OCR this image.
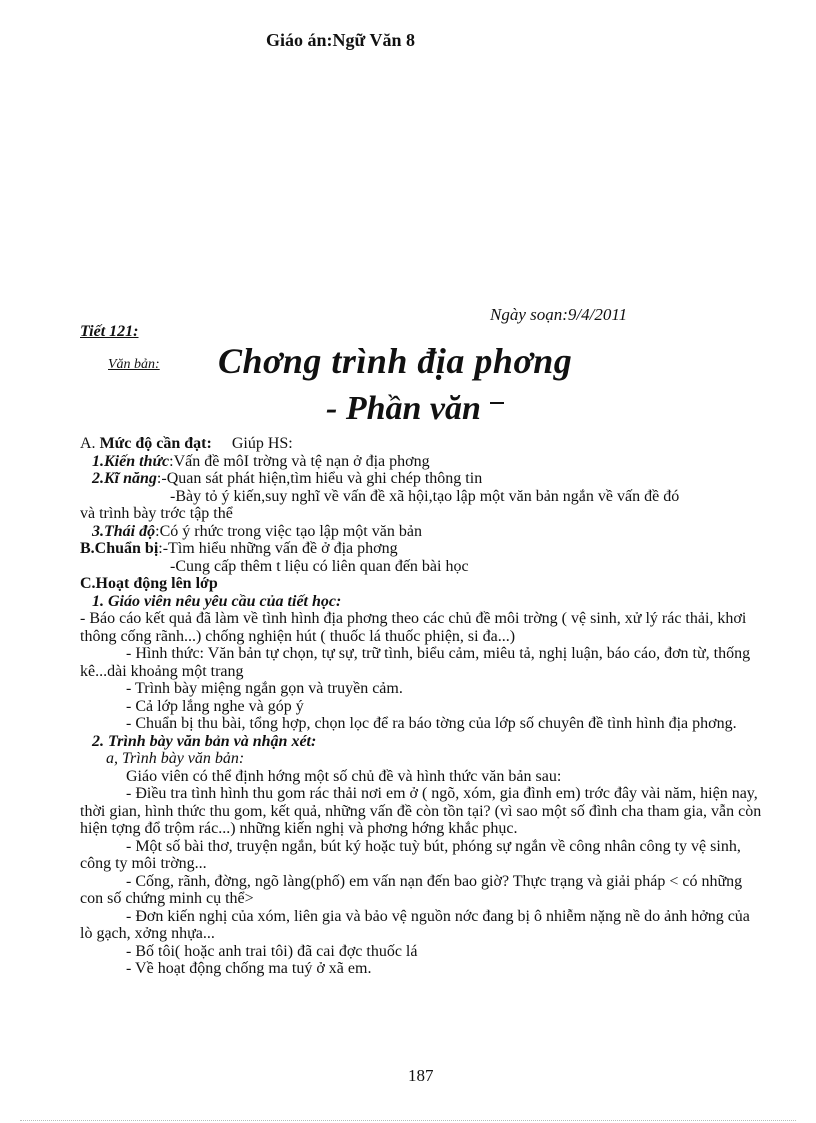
Giáo án:Ngữ Văn 8
Ngày soạn:9/4/2011
Tiết 121:
Văn bản: Chơng trình địa phơng
- Phần văn

A. Mức độ cần đạt: Giúp HS:

1.Kiến thức:Vấn đề môI trờng và tệ nạn ở địa phơng

2.Kĩ năng:-Quan sát phát hiện,tìm hiểu và ghi chép thông tin

-Bày tỏ ý kiến,suy nghĩ về vấn đề xã hội,tạo lập một văn bản ngắn về vấn đề đó

và trình bày trớc tập thể

3.Thái độ:Có ý rhức trong việc tạo lập một văn bản

B.Chuẩn bị:-Tìm hiểu những vấn đề ở địa phơng

-Cung cấp thêm t liệu có liên quan đến bài học

C.Hoạt động lên lớp

1. Giáo viên nêu yêu cầu của tiết học:

- Báo cáo kết quả đã làm về tình hình địa phơng theo các chủ đề môi trờng ( vệ sinh, xử lý rác thải, khơi thông cống rãnh...) chống nghiện hút ( thuốc lá thuốc phiện, si đa...)

- Hình thức: Văn bản tự chọn, tự sự, trữ tình, biểu cảm, miêu tả, nghị luận, báo cáo, đơn từ, thống kê...dài khoảng một trang

- Trình bày miệng ngắn gọn và truyền cảm.

- Cả lớp lắng nghe và góp ý

- Chuẩn bị thu bài, tổng hợp, chọn lọc để ra báo tờng của lớp số chuyên đề tình hình địa phơng.

2. Trình bày văn bản và nhận xét:

a, Trình bày văn bản:

Giáo viên có thể định hớng một số chủ đề và hình thức văn bản sau:

- Điều tra tình hình thu gom rác thải nơi em ở ( ngõ, xóm, gia đình em) trớc đây vài năm, hiện nay, thời gian, hình thức thu gom, kết quả, những vấn đề còn tồn tại? (vì sao một số đình cha tham gia, vẫn còn hiện tợng đổ trộm rác...) những kiến nghị và phơng hớng khắc phục.

- Một số bài thơ, truyện ngắn, bút ký hoặc tuỳ bút, phóng sự ngắn về công nhân công ty vệ sinh, công ty môi trờng...

- Cống, rãnh, đờng, ngõ làng(phố) em vấn nạn đến bao giờ? Thực trạng và giải pháp < có những con số chứng minh cụ thể>

- Đơn kiến nghị của xóm, liên gia và bảo vệ nguồn nớc đang bị ô nhiễm nặng nề do ảnh hởng của lò gạch, xởng nhựa...

- Bố tôi( hoặc anh trai tôi) đã cai đợc thuốc lá

- Về hoạt động chống ma tuý ở xã em.

187
